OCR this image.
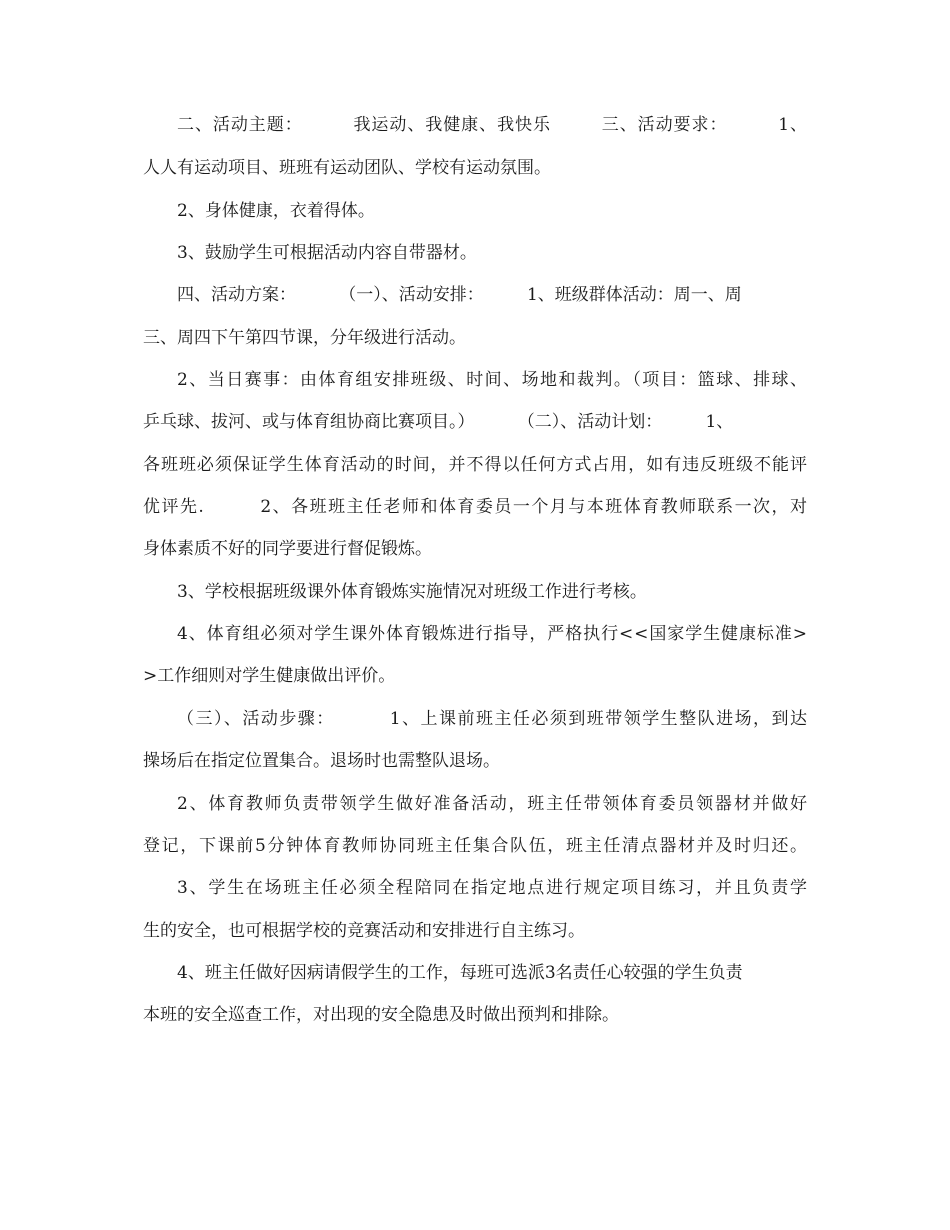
二、活动主题：        我运动、我健康、我快乐        三、活动要求：        1、
人人有运动项目、班班有运动团队、学校有运动氛围。
2、身体健康，衣着得体。
3、鼓励学生可根据活动内容自带器材。
四、活动方案：        （一）、活动安排：        1、班级群体活动：周一、周
三、周四下午第四节课，分年级进行活动。
2、当日赛事：由体育组安排班级、时间、场地和裁判。（项目：篮球、排球、
乒乓球、拔河、或与体育组协商比赛项目。）        （二）、活动计划：        1、
各班班必须保证学生体育活动的时间，并不得以任何方式占用，如有违反班级不能评
优评先.        2、各班班主任老师和体育委员一个月与本班体育教师联系一次，对
身体素质不好的同学要进行督促锻炼。
3、学校根据班级课外体育锻炼实施情况对班级工作进行考核。
4、体育组必须对学生课外体育锻炼进行指导，严格执行<<国家学生健康标准>
>工作细则对学生健康做出评价。
（三）、活动步骤：        1、上课前班主任必须到班带领学生整队进场，到达
操场后在指定位置集合。退场时也需整队退场。
2、体育教师负责带领学生做好准备活动，班主任带领体育委员领器材并做好
登记，下课前5分钟体育教师协同班主任集合队伍，班主任清点器材并及时归还。
3、学生在场班主任必须全程陪同在指定地点进行规定项目练习，并且负责学
生的安全，也可根据学校的竞赛活动和安排进行自主练习。
4、班主任做好因病请假学生的工作，每班可选派3名责任心较强的学生负责
本班的安全巡查工作，对出现的安全隐患及时做出预判和排除。
